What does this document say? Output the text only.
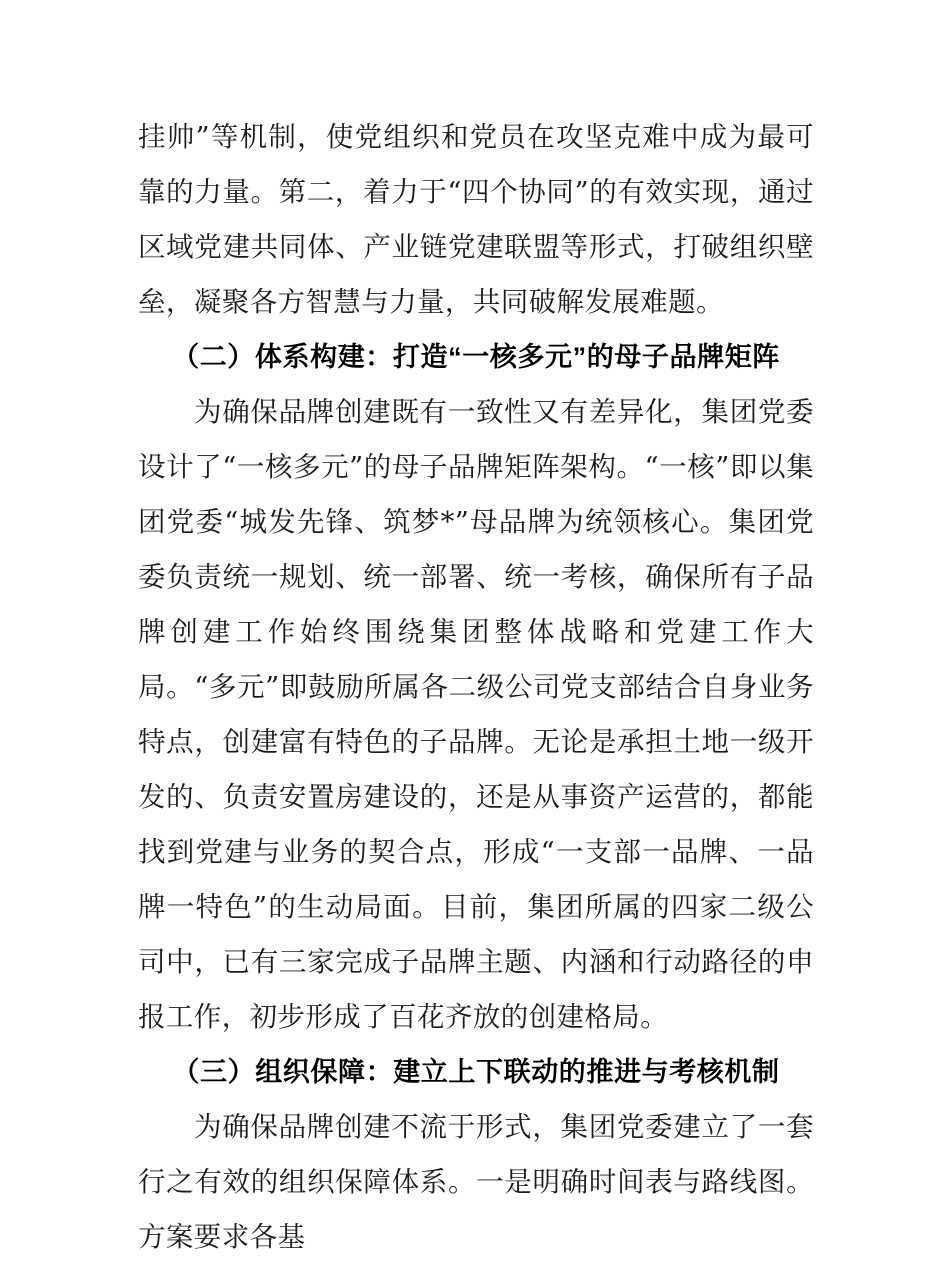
挂帅”等机制，使党组织和党员在攻坚克难中成为最可靠的力量。第二，着力于“四个协同”的有效实现，通过区域党建共同体、产业链党建联盟等形式，打破组织壁垒，凝聚各方智慧与力量，共同破解发展难题。

（二）体系构建：打造“一核多元”的母子品牌矩阵

为确保品牌创建既有一致性又有差异化，集团党委设计了“一核多元”的母子品牌矩阵架构。“一核”即以集团党委“城发先锋、筑梦*”母品牌为统领核心。集团党委负责统一规划、统一部署、统一考核，确保所有子品牌创建工作始终围绕集团整体战略和党建工作大局。“多元”即鼓励所属各二级公司党支部结合自身业务特点，创建富有特色的子品牌。无论是承担土地一级开发的、负责安置房建设的，还是从事资产运营的，都能找到党建与业务的契合点，形成“一支部一品牌、一品牌一特色”的生动局面。目前，集团所属的四家二级公司中，已有三家完成子品牌主题、内涵和行动路径的申报工作，初步形成了百花齐放的创建格局。

（三）组织保障：建立上下联动的推进与考核机制

为确保品牌创建不流于形式，集团党委建立了一套行之有效的组织保障体系。一是明确时间表与路线图。方案要求各基
